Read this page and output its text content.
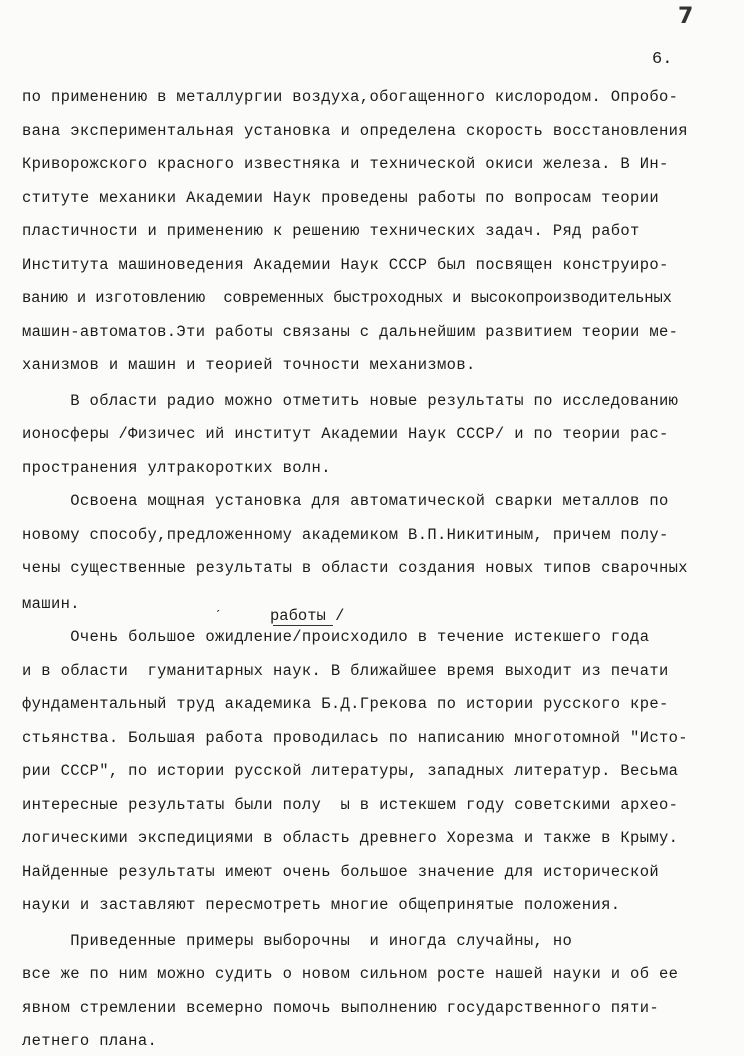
7
6.
работы /
ˊ
по применению в металлургии воздуха,обогащенного кислородом. Опробо-
вана экспериментальная установка и определена скорость восстановления
Криворожского красного известняка и технической окиси железа. В Ин-
ституте механики Академии Наук проведены работы по вопросам теории
пластичности и применению к решению технических задач. Ряд работ
Института машиноведения Академии Наук СССР был посвящен конструиро-
ванию и изготовлению  современных быстроходных и высокопроизводительных
машин-автоматов.Эти работы связаны с дальнейшим развитием теории ме-
ханизмов и машин и теорией точности механизмов.
В области радио можно отметить новые результаты по исследованию
ионосферы /Физичес ий институт Академии Наук СССР/ и по теории рас-
пространения ултракоротких волн.
Освоена мощная установка для автоматической сварки металлов по
новому способу,предложенному академиком В.П.Никитиным, причем полу-
чены существенные результаты в области создания новых типов сварочных
машин.
Очень большое ожидление/происходило в течение истекшего года
и в области  гуманитарных наук. В ближайшее время выходит из печати
фундаментальный труд академика Б.Д.Грекова по истории русского кре-
стьянства. Большая работа проводилась по написанию многотомной "Исто-
рии СССР", по истории русской литературы, западных литератур. Весьма
интересные результаты были полу  ы в истекшем году советскими архео-
логическими экспедициями в область древнего Хорезма и также в Крыму.
Найденные результаты имеют очень большое значение для исторической
науки и заставляют пересмотреть многие общепринятые положения.
Приведенные примеры выборочны  и иногда случайны, но
все же по ним можно судить о новом сильном росте нашей науки и об ее
явном стремлении всемерно помочь выполнению государственного пяти-
летнего плана.
